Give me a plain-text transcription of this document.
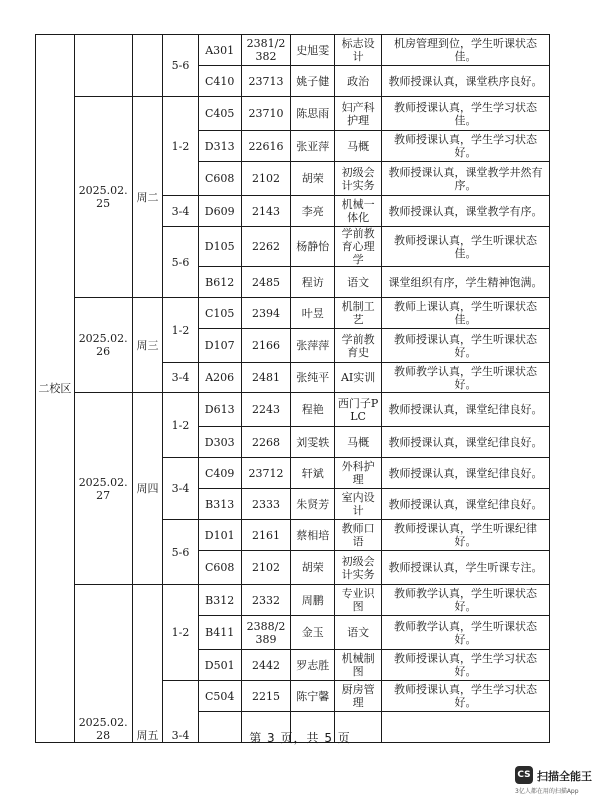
二校区			5-6	A301	2381/2382	史旭雯	标志设计	机房管理到位，学生听课状态佳。
				C410	23713	姚子健	政治	教师授课认真，课堂秩序良好。
	2025.02.25	周二	1-2	C405	23710	陈思雨	妇产科护理	教师授课认真，学生学习状态佳。
				D313	22616	张亚萍	马概	教师授课认真，学生学习状态好。
				C608	2102	胡荣	初级会计实务	教师授课认真，课堂教学井然有序。
			3-4	D609	2143	李亮	机械一体化	教师授课认真，课堂教学有序。
			5-6	D105	2262	杨静怡	学前教育心理学	教师授课认真，学生听课状态佳。
				B612	2485	程访	语文	课堂组织有序，学生精神饱满。
	2025.02.26	周三	1-2	C105	2394	叶昱	机制工艺	教师上课认真，学生听课状态佳。
				D107	2166	张萍萍	学前教育史	教师授课认真，学生听课状态好。
			3-4	A206	2481	张纯平	AI实训	教师教学认真，学生听课状态好。
	2025.02.27	周四	1-2	D613	2243	程艳	西门子PLC	教师授课认真，课堂纪律良好。
				D303	2268	刘雯轶	马概	教师授课认真，课堂纪律良好。
			3-4	C409	23712	轩斌	外科护理	教师授课认真，课堂纪律良好。
				B313	2333	朱贤芳	室内设计	教师授课认真，课堂纪律良好。
			5-6	D101	2161	蔡相培	教师口语	教师授课认真，学生听课纪律好。
				C608	2102	胡荣	初级会计实务	教师授课认真，学生听课专注。
	2025.02.28	周五	1-2	B312	2332	周鹏	专业识图	教师教学认真，学生听课状态好。
				B411	2388/2389	金玉	语文	教师教学认真，学生听课状态好。
				D501	2442	罗志胜	机械制图	教师授课认真，学生学习状态好。
			3-4	C504	2215	陈宁馨	厨房管理	教师授课认真，学生学习状态好。

第 3 页，共 5 页
CS 扫描全能王
3亿人都在用的扫描App
